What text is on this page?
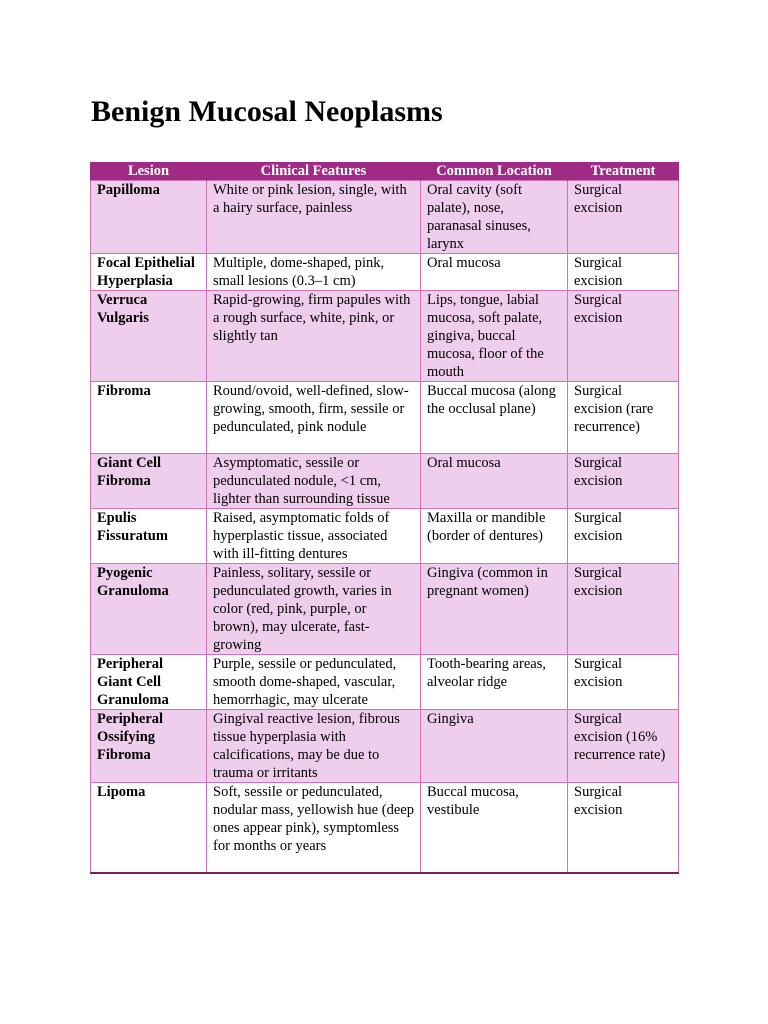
Benign Mucosal Neoplasms
Lesion	Clinical Features	Common Location	Treatment
Papilloma	White or pink lesion, single, with a hairy surface, painless	Oral cavity (soft palate), nose, paranasal sinuses, larynx	Surgical excision
Focal Epithelial Hyperplasia	Multiple, dome-shaped, pink, small lesions (0.3–1 cm)	Oral mucosa	Surgical excision
Verruca Vulgaris	Rapid-growing, firm papules with a rough surface, white, pink, or slightly tan	Lips, tongue, labial mucosa, soft palate, gingiva, buccal mucosa, floor of the mouth	Surgical excision
Fibroma	Round/ovoid, well-defined, slow-growing, smooth, firm, sessile or pedunculated, pink nodule	Buccal mucosa (along the occlusal plane)	Surgical excision (rare recurrence)
Giant Cell Fibroma	Asymptomatic, sessile or pedunculated nodule, <1 cm, lighter than surrounding tissue	Oral mucosa	Surgical excision
Epulis Fissuratum	Raised, asymptomatic folds of hyperplastic tissue, associated with ill-fitting dentures	Maxilla or mandible (border of dentures)	Surgical excision
Pyogenic Granuloma	Painless, solitary, sessile or pedunculated growth, varies in color (red, pink, purple, or brown), may ulcerate, fast-growing	Gingiva (common in pregnant women)	Surgical excision
Peripheral Giant Cell Granuloma	Purple, sessile or pedunculated, smooth dome-shaped, vascular, hemorrhagic, may ulcerate	Tooth-bearing areas, alveolar ridge	Surgical excision
Peripheral Ossifying Fibroma	Gingival reactive lesion, fibrous tissue hyperplasia with calcifications, may be due to trauma or irritants	Gingiva	Surgical excision (16% recurrence rate)
Lipoma	Soft, sessile or pedunculated, nodular mass, yellowish hue (deep ones appear pink), symptomless for months or years	Buccal mucosa, vestibule	Surgical excision
